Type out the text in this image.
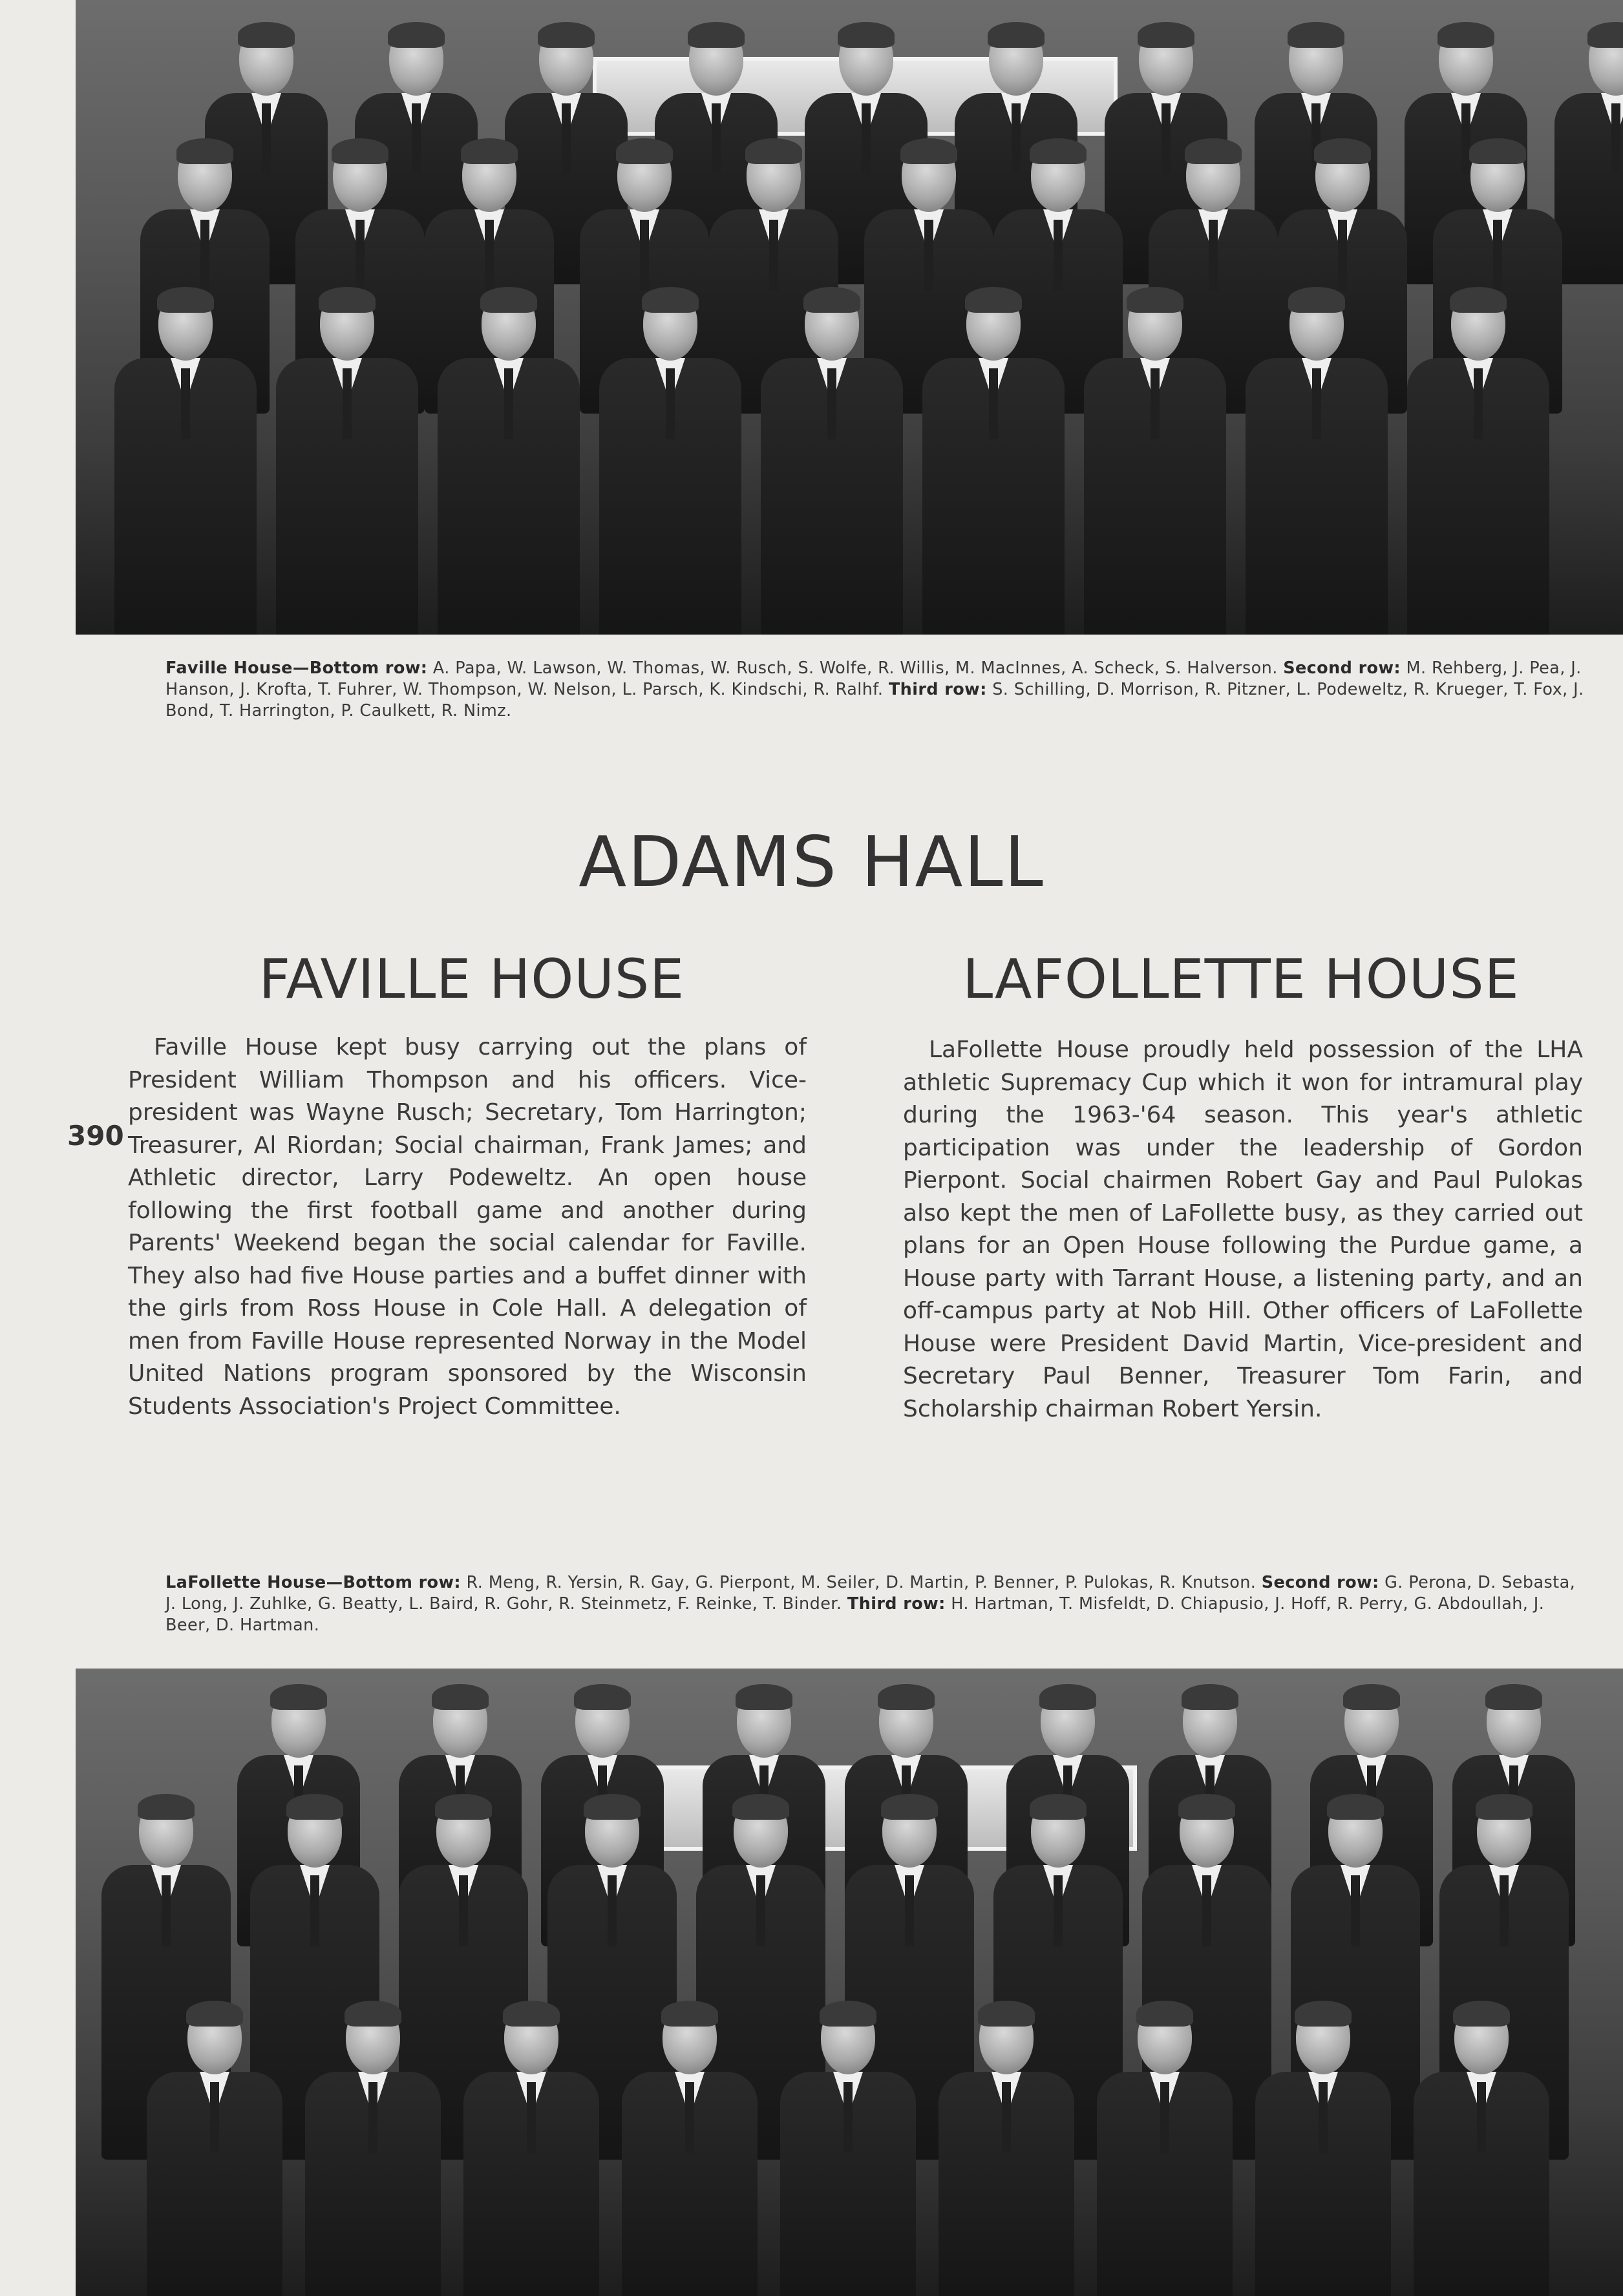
Faville House—Bottom row: A. Papa, W. Lawson, W. Thomas, W. Rusch, S. Wolfe, R. Willis, M. MacInnes, A. Scheck, S. Halverson. Second row: M. Rehberg, J. Pea, J. Hanson, J. Krofta, T. Fuhrer, W. Thompson, W. Nelson, L. Parsch, K. Kindschi, R. Ralhf. Third row: S. Schilling, D. Morrison, R. Pitzner, L. Podeweltz, R. Krueger, T. Fox, J. Bond, T. Harrington, P. Caulkett, R. Nimz.
ADAMS HALL
FAVILLE HOUSE	LAFOLLETTE HOUSE
390
Faville House kept busy carrying out the plans of President William Thompson and his officers. Vice-president was Wayne Rusch; Secretary, Tom Harrington; Treasurer, Al Riordan; Social chairman, Frank James; and Athletic director, Larry Podeweltz. An open house following the first football game and another during Parents' Weekend began the social calendar for Faville. They also had five House parties and a buffet dinner with the girls from Ross House in Cole Hall. A delegation of men from Faville House represented Norway in the Model United Nations program sponsored by the Wisconsin Students Association's Project Committee.
LaFollette House proudly held possession of the LHA athletic Supremacy Cup which it won for intramural play during the 1963-'64 season. This year's athletic participation was under the leadership of Gordon Pierpont. Social chairmen Robert Gay and Paul Pulokas also kept the men of LaFollette busy, as they carried out plans for an Open House following the Purdue game, a House party with Tarrant House, a listening party, and an off-campus party at Nob Hill. Other officers of LaFollette House were President David Martin, Vice-president and Secretary Paul Benner, Treasurer Tom Farin, and Scholarship chairman Robert Yersin.
LaFollette House—Bottom row: R. Meng, R. Yersin, R. Gay, G. Pierpont, M. Seiler, D. Martin, P. Benner, P. Pulokas, R. Knutson. Second row: G. Perona, D. Sebasta, J. Long, J. Zuhlke, G. Beatty, L. Baird, R. Gohr, R. Steinmetz, F. Reinke, T. Binder. Third row: H. Hartman, T. Misfeldt, D. Chiapusio, J. Hoff, R. Perry, G. Abdoullah, J. Beer, D. Hartman.
